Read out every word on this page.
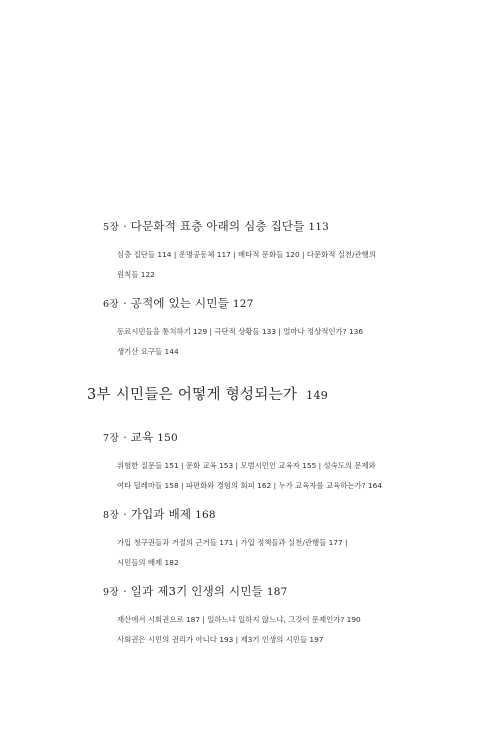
5장 · 다문화적 표층 아래의 심층 집단들 113
심층 집단들 114 | 운명공동체 117 | 배타적 문화들 120 | 다문화적 실천/관행의
원칙들 122
6장 · 공적에 있는 시민들 127
동료시민들을 통치하기 129 | 극단적 상황들 133 | 얼마나 정상적인가? 136
생기산 요구들 144
3부 시민들은 어떻게 형성되는가 149
7장 · 교육 150
위험한 질문들 151 | 문화 교육 153 | 모범시민인 교육자 155 | 성숙도의 문제와
여타 딜레마들 158 | 파편화와 경험의 회피 162 | 누가 교육자를 교육하는가? 164
8장 · 가입과 배제 168
가입 청구권들과 거절의 근거들 171 | 가입 정책들과 실천/관행들 177 |
시민들의 배제 182
9장 · 일과 제3기 인생의 시민들 187
재산에서 시회권으로 187 | 일하느냐 일하지 않느냐, 그것이 문제인가? 190
사회권은 시민의 권리가 아니다 193 | 제3기 인생의 시민들 197
